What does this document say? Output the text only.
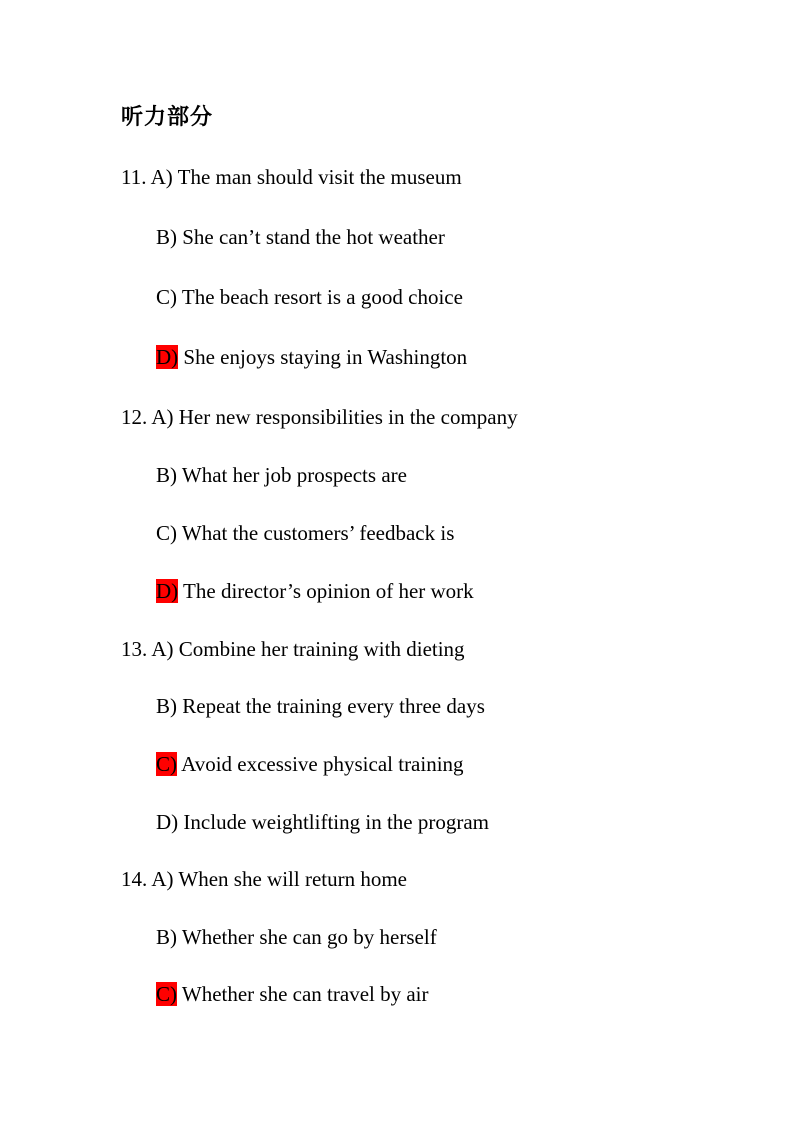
听力部分
11. A) The man should visit the museum
B) She can’t stand the hot weather
C) The beach resort is a good choice
D) She enjoys staying in Washington
12. A) Her new responsibilities in the company
B) What her job prospects are
C) What the customers’ feedback is
D) The director’s opinion of her work
13. A) Combine her training with dieting
B) Repeat the training every three days
C) Avoid excessive physical training
D) Include weightlifting in the program
14. A) When she will return home
B) Whether she can go by herself
C) Whether she can travel by air
